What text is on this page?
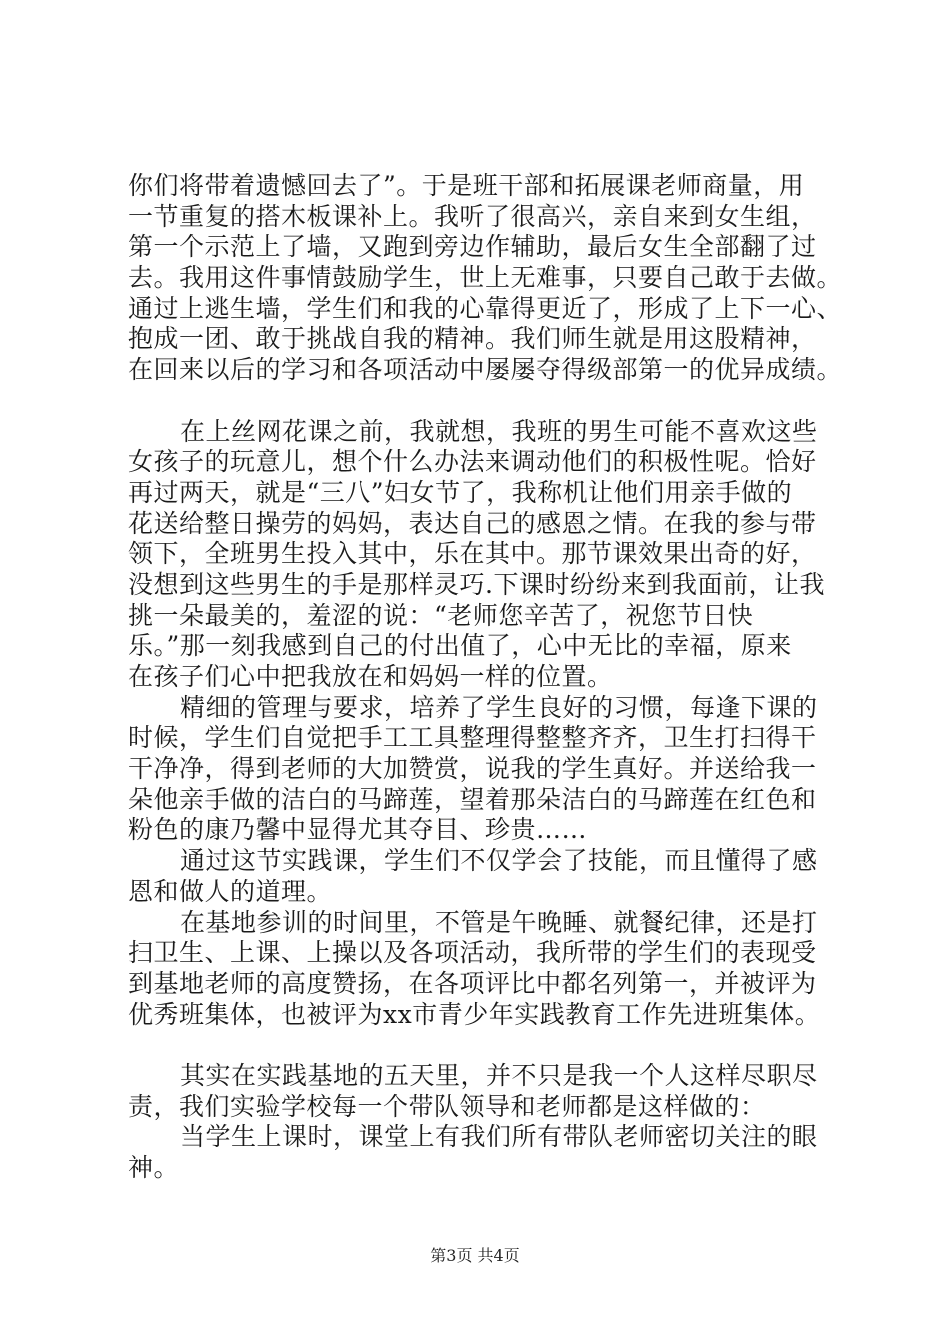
你们将带着遗憾回去了”。于是班干部和拓展课老师商量，用
一节重复的搭木板课补上。我听了很高兴，亲自来到女生组，
第一个示范上了墙，又跑到旁边作辅助，最后女生全部翻了过
去。我用这件事情鼓励学生，世上无难事，只要自己敢于去做。
通过上逃生墙，学生们和我的心靠得更近了，形成了上下一心、
抱成一团、敢于挑战自我的精神。我们师生就是用这股精神，
在回来以后的学习和各项活动中屡屡夺得级部第一的优异成绩。
在上丝网花课之前，我就想，我班的男生可能不喜欢这些
女孩子的玩意儿，想个什么办法来调动他们的积极性呢。恰好
再过两天，就是“三八”妇女节了，我称机让他们用亲手做的
花送给整日操劳的妈妈，表达自己的感恩之情。在我的参与带
领下，全班男生投入其中，乐在其中。那节课效果出奇的好，
没想到这些男生的手是那样灵巧.下课时纷纷来到我面前，让我
挑一朵最美的，羞涩的说：“老师您辛苦了，祝您节日快
乐。”那一刻我感到自己的付出值了，心中无比的幸福，原来
在孩子们心中把我放在和妈妈一样的位置。
精细的管理与要求，培养了学生良好的习惯，每逢下课的
时候，学生们自觉把手工工具整理得整整齐齐，卫生打扫得干
干净净，得到老师的大加赞赏，说我的学生真好。并送给我一
朵他亲手做的洁白的马蹄莲，望着那朵洁白的马蹄莲在红色和
粉色的康乃馨中显得尤其夺目、珍贵……
通过这节实践课，学生们不仅学会了技能，而且懂得了感
恩和做人的道理。
在基地参训的时间里，不管是午晚睡、就餐纪律，还是打
扫卫生、上课、上操以及各项活动，我所带的学生们的表现受
到基地老师的高度赞扬，在各项评比中都名列第一，并被评为
优秀班集体，也被评为xx市青少年实践教育工作先进班集体。
其实在实践基地的五天里，并不只是我一个人这样尽职尽
责，我们实验学校每一个带队领导和老师都是这样做的：
当学生上课时，课堂上有我们所有带队老师密切关注的眼
神。
第3页 共4页
